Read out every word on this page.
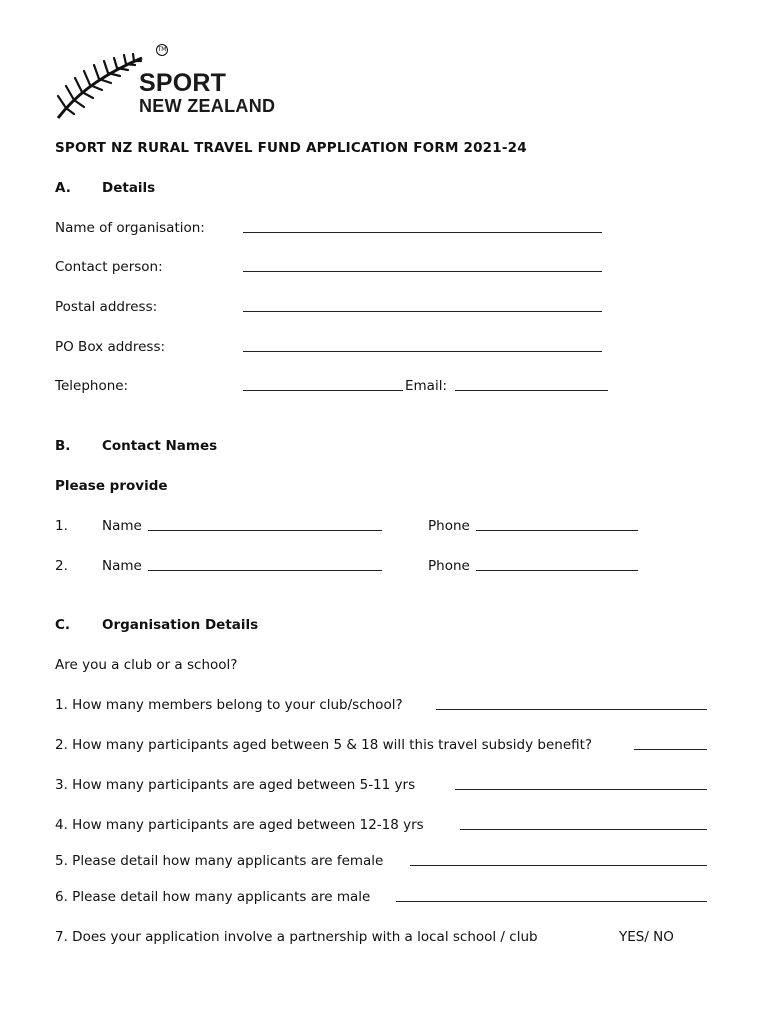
TM
SPORT
NEW ZEALAND
SPORT NZ RURAL TRAVEL FUND APPLICATION FORM 2021-24
A. Details
Name of organisation:
Contact person:
Postal address:
PO Box address:
Telephone:	Email:
B. Contact Names
Please provide
1.	Name	Phone
2.	Name	Phone
C. Organisation Details
Are you a club or a school?
1. How many members belong to your club/school?
2. How many participants aged between 5 & 18 will this travel subsidy benefit?
3. How many participants are aged between 5-11 yrs
4. How many participants are aged between 12-18 yrs
5. Please detail how many applicants are female
6. Please detail how many applicants are male
7. Does your application involve a partnership with a local school / club	YES/ NO
